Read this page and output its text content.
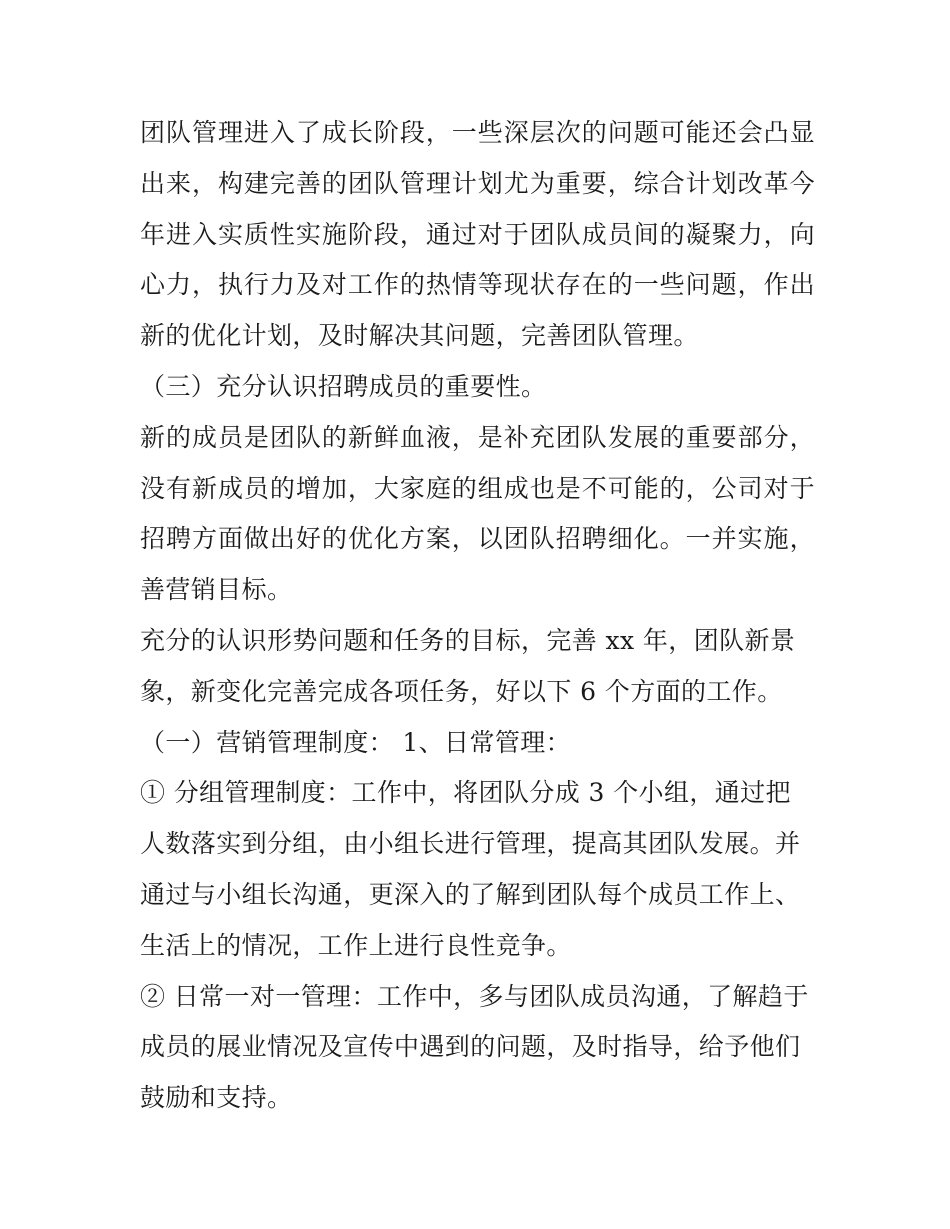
团队管理进入了成长阶段，一些深层次的问题可能还会凸显出来，构建完善的团队管理计划尤为重要，综合计划改革今年进入实质性实施阶段，通过对于团队成员间的凝聚力，向心力，执行力及对工作的热情等现状存在的一些问题，作出新的优化计划，及时解决其问题，完善团队管理。

（三）充分认识招聘成员的重要性。

新的成员是团队的新鲜血液，是补充团队发展的重要部分，没有新成员的增加，大家庭的组成也是不可能的，公司对于招聘方面做出好的优化方案，以团队招聘细化。一并实施，善营销目标。

充分的认识形势问题和任务的目标，完善 xx 年，团队新景象，新变化完善完成各项任务，好以下 6 个方面的工作。

（一）营销管理制度： 1、日常管理：

① 分组管理制度：工作中，将团队分成 3 个小组，通过把人数落实到分组，由小组长进行管理，提高其团队发展。并通过与小组长沟通，更深入的了解到团队每个成员工作上、生活上的情况，工作上进行良性竞争。

② 日常一对一管理：工作中，多与团队成员沟通，了解趋于成员的展业情况及宣传中遇到的问题，及时指导，给予他们鼓励和支持。
